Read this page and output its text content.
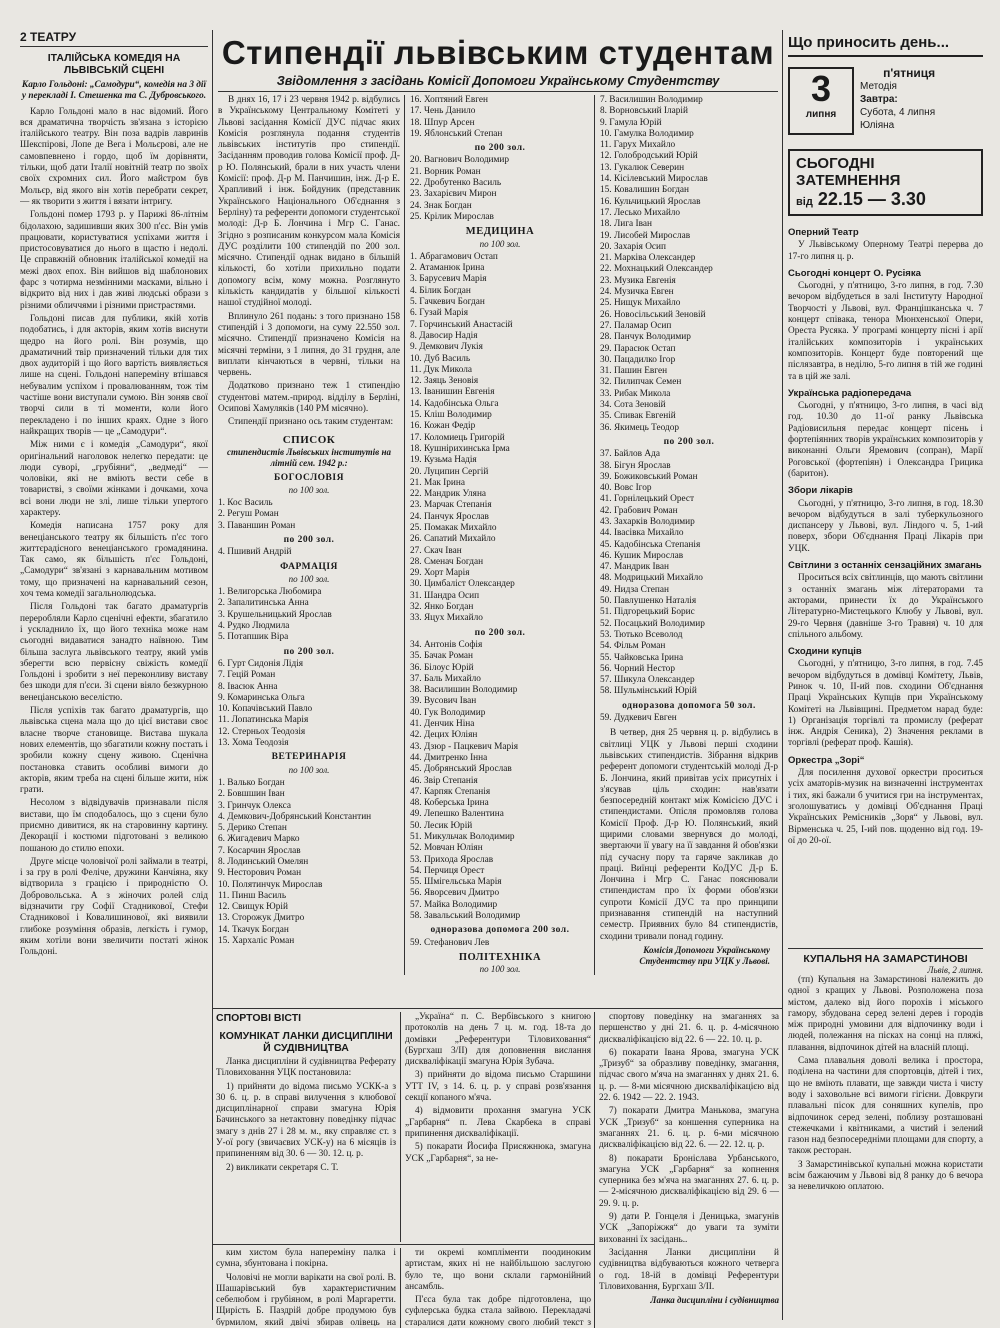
2 ТЕАТРУ
ІТАЛІЙСЬКА КОМЕДІЯ НА ЛЬВІВСЬКІЙ СЦЕНІ
Карло Гольдоні: „Самодури“, комедія на 3 дії у перекладі І. Стешенка та С. Дубровського.

Карло Гольдоні мало в нас відомий. Його вся драматична творчість зв'язана з історією італійського театру. Він поза вадрів лавринів Шекспірові, Лопе де Вега і Мольєрові, але не самовпевнено і гордо, щоб їм дорівняти, тільки, щоб дати Італії новітній театр по звоїх своїх схромних сил. Його майстром був Мольєр, від якого він хотів перебрати секрет, — як творити з життя і вязати інтригу.

Гольдоні помер 1793 р. у Парижі 86-літнім бідолахою, задишивши яких 300 п'єс. Він умів працювати, користуватися успіхами життя і пристосовуватися до нього в щастю і недолі. Це справжній обновник італійської комедії на межі двох епох. Він вийшов від шаблонових фарс з чотирма незмінними масками, вільно і відкрито від них і дав живі людські образи з різними обличчями і різними пристрастями.

Гольдоні писав для публики, якій хотів подобатись, і для акторів, яким хотів виснути щедро на його ролі. Він розумів, що драматичний твір призначений тільки для тих двох аудиторій і що його вартість виявляється лише на сцені. Гольдоні напереміну втішався небувалим успіхом і провалюванням, тож тім частіше вони виступали сумою. Він зоняв свої творчі сили в ті моменти, коли його перекладено і по інших краях. Одне з його найкращих творів — це „Самодури“.

Між ними є і комедія „Самодури“, якої оригінальний наголовок нелегко передати: це люди суворі, „грубіяни“, „ведмеді“ — чоловіки, які не вміють вести себе в товаристві, з своїми жінками і дочками, хоча всі вони люди не злі, лише тільки упертого характеру.

Комедія написана 1757 року для венеціанського театру як більшість п'єс того життєрадісного венеціанського громадянина. Так само, як більшість п'єс Гольдоні, „Самодури“ зв'язані з карнавальним мотивом тому, що призначені на карнавальний сезон, хоч тема комедії загальнолюдська.

Після Гольдоні так багато драматургів переробляли Карло сценічні ефекти, збагатило і ускладнило їх, що його техніка може нам сьогодні видаватися занадто наївною. Тим більша заслуга львівського театру, який умів зберегти всю первісну свіжість комедії Гольдоні і зробити з неї переконливу виставу без шкоди для п'єси. Зі сцени віяло безжурною венеціанською веселістю.

Після успіхів так багато драматургів, що львівська сцена мала що до цієї вистави своє власне творче становище. Вистава шукала нових елементів, що збагатили кожну постать і зробили кожну сцену живою. Сценічна постановка ставить особливі вимоги до акторів, яким треба на сцені більше жити, ніж грати.

Несолом з відвідувачів признавали після вистави, що їм сподобалось, що з сцени було приємно дивитися, як на старовинну картину. Декорації і костюми підготовані з великою пошаною до стилю епохи.

Друге місце чоловічої ролі займали в театрі, і за гру в ролі Феліче, дружини Канчіяна, яку відтворила з грацією і природністю О. Добровольська. А з жіночих ролей слід відзначити гру Софії Стадникової, Стефи Стадникової і Ковалишинової, які виявили глибоке розуміння образів, легкість і гумор, яким хотіли вони звеличити постаті жінок Гольдоні.

Стипендії львівським студентам
Звідомлення з засідань Комісії Допомоги Українському Студентству

В днях 16, 17 і 23 червня 1942 р. відбулись в Українському Центральному Комітеті у Львові засідання Комісії ДУС підчас яких Комісія розглянула подання студентів львівських інститутів про стипендії. Засіданням проводив голова Комісії проф. Д-р Ю. Полянський, брали в них участь члени Комісії: проф. Д-р М. Панчишин, інж. Д-р Е. Храпливий і інж. Бойдуник (представник Українського Національного Об'єднання з Берліну) та референти допомоги студентської молоді: Д-р Б. Лончина і Мгр С. Ганас. Згідно з розписаним конкурсом мала Комісія ДУС розділити 100 стипендій по 200 зол. місячно. Стипендії однак видано в більшій кількості, бо хотіли прихильно подати допомогу всім, кому можна. Розглянуто кількість кандидатів у більшої кількості нашої студійної молоді.

Вплинуло 261 подань: з того признано 158 стипендій і 3 допомоги, на суму 22.550 зол. місячно. Стипендії призначено Комісія на місячні терміни, з 1 липня, до 31 грудня, але виплати кінчаються в червні, тільки на червень.

Додатково признано теж 1 стипендію студентові матем.-природ. відділу в Берліні, Осипові Хамуляків (140 РМ місячно).

Стипендії признано ось таким студентам:

СПИСОК
стипендистів Львівських інститутів на літній сем. 1942 р.:
БОГОСЛОВІЯ
по 100 зол.
1. Кос Василь
2. Регуш Роман
3. Паваншин Роман
по 200 зол.
4. Пшивий Андрій
ФАРМАЦІЯ
по 100 зол.
1. Велигорська Любомира
2. Запалитинська Анна
3. Крушельницький Ярослав
4. Рудко Людмила
5. Потапшик Віра
по 200 зол.
6. Гурт Сидонія Лідія
7. Гецій Роман
8. Івасюк Анна
9. Комаринська Ольга
10. Копачівський Павло
11. Лопатинська Марія
12. Стерньох Теодозія
13. Хома Теодозія
ВЕТЕРИНАРІЯ
по 100 зол.
1. Валько Богдан
2. Бовшшин Іван
3. Гринчук Олекса
4. Демкович-Добрянський Константин
5. Дерико Степан
6. Жигадевич Марко
7. Косарчин Ярослав
8. Лодинський Омелян
9. Несторович Роман
10. Полятинчук Мирослав
11. Пинш Василь
12. Свищук Юрій
13. Сторожук Дмитро
14. Ткачук Богдан
15. Хархаліс Роман
16. Хоптяний Евген
17. Чень Данило
18. Шпур Арсен
19. Яблонський Степан
по 200 зол.
20. Вагнович Володимир
21. Ворник Роман
22. Дробутенко Василь
23. Захарієвич Мирон
24. Знак Богдан
25. Крілик Мирослав
МЕДИЦИНА
по 100 зол.
1. Абрагамович Остап
2. Атаманюк Ірина
3. Барусевич Марія
4. Білик Богдан
5. Гачкевич Богдан
6. Гузай Марія
7. Горчинський Анастасій
8. Давосир Надія
9. Демкович Лукія
10. Дуб Василь
11. Дук Микола
12. Заяць Зеновія
13. Іванишин Евгенія
14. Кадобінська Ольга
15. Кліш Володимир
16. Кожан Федір
17. Коломиець Григорій
18. Кушнірихинська Ірма
19. Кузьма Надія
20. Луципин Сергій
21. Мак Ірина
22. Мандрик Уляна
23. Марчак Степанія
24. Панчук Ярослав
25. Помакак Михайло
26. Сапатий Михайло
27. Скач Іван
28. Сменач Богдан
29. Хорт Марія
30. Цимбаліст Олександер
31. Шандра Осип
32. Янко Богдан
33. Яцух Михайло
по 200 зол.
34. Антонів Софія
35. Бачак Роман
36. Білоус Юрій
37. Баль Михайло
38. Василишин Володимир
39. Вусович Іван
40. Гук Володимир
41. Денчик Ніна
42. Децих Юліян
43. Дзюр - Пацкевич Марія
44. Дмитренко Інна
45. Добрянський Ярослав
46. Звір Степанія
47. Карпяк Степанія
48. Коберська Ірина
49. Лепешко Валентина
50. Лесик Юрій
51. Микульчак Володимир
52. Мовчан Юліян
53. Прихода Ярослав
54. Перчиця Орест
55. Шмігельська Марія
56. Яворсевич Дмитро
57. Майка Володимир
58. Завальський Володимир
одноразова допомога 200 зол.
59. Стефанович Лев
ПОЛІТЕХНІКА
по 100 зол.
7. Василишин Володимир
8. Ворновський Іларій
9. Гамула Юрій
10. Гамулка Володимир
11. Гарух Михайло
12. Голобродський Юрій
13. Гукалюк Северин
14. Кісілевський Мирослав
15. Ковалишин Богдан
16. Кульчицький Ярослав
17. Лесько Михайло
18. Лига Іван
19. Лисобей Мирослав
20. Захарія Осип
21. Марківа Олександер
22. Мохнацький Олександер
23. Музика Евгенія
24. Музичка Евген
25. Нищук Михайло
26. Новосільський Зеновій
27. Паламар Осип
28. Панчук Володимир
29. Парасюк Остап
30. Пацадилко Ігор
31. Пашин Евген
32. Пилипчак Семен
33. Рибак Микола
34. Сота Зеновій
35. Спивак Евгеній
36. Якимець Теодор
по 200 зол.
37. Байлов Ада
38. Бігун Ярослав
39. Божиковський Роман
40. Вовс Ігор
41. Горнілецький Орест
42. Грабович Роман
43. Захарків Володимир
44. Івасівка Михайло
45. Кадобінська Степанія
46. Кушик Мирослав
47. Мандрик Іван
48. Модрицький Михайло
49. Нидза Степан
50. Павлушенко Наталія
51. Підгорецький Борис
52. Посацький Володимир
53. Тютько Всеволод
54. Фільм Роман
55. Чайковська Ірина
56. Чорний Нестор
57. Шикула Олександер
58. Шульмінський Юрій
одноразова допомога 50 зол.
59. Дудкевич Евген

В четвер, дня 25 червня ц. р. відбулись в світлиці УЦК у Львові перші сходини львівських стипендистів. Зібрання відкрив референт допомоги студентській молоді Д-р Б. Лончина, який привітав усіх присутніх і з'ясував ціль сходин: нав'язати безпосередній контакт між Комісією ДУС і стипендистами. Опісля промовляв голова Комісії Проф. Д-р Ю. Полянський, який щирими словами звернувся до молоді, звертаючи її увагу на її завдання й обов'язки під сучасну пору та гаряче закликав до праці. Виїнці референти КоДУС Д-р Б. Лончина і Мгр С. Ганас пояснювали стипендистам про їх форми обов'язки супроти Комісії ДУС та про принципи признавання стипендій на наступний семестр. Приявних було 84 стипендистів, сходини тривали понад годину.

Комісія Допомоги Українському Студентству при УЦК у Львові.
Що приносить день...
3
липня
п'ятниця
Методія
Завтра:
Субота, 4 липня
Юліяна
СЬОГОДНІ ЗАТЕМНЕННЯ
від 22.15 — 3.30
Оперний Театр

У Львівському Оперному Театрі перерва до 17-го липня ц. р.

Сьогодні концерт О. Русіяка

Сьогодні, у п'ятницю, 3-го липня, в год. 7.30 вечором відбудеться в залі Інституту Народної Творчості у Львові, вул. Францішканська ч. 7 концерт співака, тенора Мюнхенської Опери, Ореста Русяка. У програмі концерту пісні і арії італійських композиторів і українських композиторів. Концерт буде повторений ще післязавтра, в неділю, 5-го липня в тій же годині та в цій же залі.

Українська радіопередача

Сьогодні, у п'ятницю, 3-го липня, в часі від год. 10.30 до 11-ої ранку Львівська Радіовисильня передає концерт пісень і фортепіянних творів українських композиторів у виконанні Ольги Яремович (сопран), Марії Роговської (фортепіян) і Олександра Грицика (баритон).

Збори лікарів

Сьогодні, у п'ятницю, 3-го липня, в год. 18.30 вечором відбудуться в залі туберкульозного диспансеру у Львові, вул. Ліндого ч. 5, 1-ий поверх, збори Об'єднання Праці Лікарів при УЦК.

Світлини з останніх сензаційних змагань

Проситься всіх світлинців, що мають світлини з останніх змагань між літераторами та акторами, принести їх до Українського Літературно-Мистецького Клюбу у Львові, вул. 29-го Червня (давніше 3-го Травня) ч. 10 для спільного альбому.

Сходини купців

Сьогодні, у п'ятницю, 3-го липня, в год. 7.45 вечором відбудуться в домівці Комітету, Львів, Ринок ч. 10, II-ий пов. сходини Об'єднання Праці Українських Купців при Українському Комітеті на Львівщині. Предметом нарад буде: 1) Організація торгівлі та промислу (реферат інж. Андрія Сеника), 2) Значення реклами в торгівлі (реферат проф. Кашія).

Оркестра „Зорі“

Для посилення духової оркестри проситься усіх аматорів-музик на визначенні інструментах і тих, які бажали б учитися гри на інструментах, зголошуватись у домівці Об'єднання Праці Українських Ремісників „Зоря“ у Львові, вул. Вірменська ч. 25, I-ий пов. щоденно від год. 19-ої до 20-ої.

КУПАЛЬНЯ НА ЗАМАРСТИНОВІ
Львів, 2 липня.

(тп) Купальня на Замарстинові належить до одної з кращих у Львові. Розположена поза містом, далеко від його порохів і міського гамору, збудована серед зелені дерев і городів між природні умовини для відпочинку води і людей, полежання на пісках на сонці на пляжі, плавання, відпочинок дітей на власній площі.

Сама плавальня доволі велика і простора, поділена на частини для спортовців, дітей і тих, що не вміють плавати, ще завжди чиста і чисту воду і заховольне всі вимоги гігієни. Довкруги плавальні пісок для соняшних купелів, про відпочинок серед зелені, поблизу розташовані стежечками і квітниками, а чистий і зелений газон над безпосередніми площами для спорту, а також ресторан.

З Замарстинівської купальні можна користати всім бажаючим у Львові від 8 ранку до 6 вечора за невеличкою оплатою.

СПОРТОВІ ВІСТІ
КОМУНІКАТ ЛАНКИ ДИСЦИПЛІНИ Й СУДІВНИЦТВА

Ланка дисципліни й судівництва Реферату Тіловиховання УЦК постановила:

1) прийняти до відома письмо УСКК-а з 30 6. ц. р. в справі вилучення з клюбової дисциплінарної справи змагуна Юрія Бачинського за нетактовну поведінку підчас змагу з днів 27 і 28 м. м., яку справляє ст. з У-ої рогу (звичаєвих УСК-у) на 6 місяців із припиненням від 30. 6 — 30. 12. ц. р.

2) викликати секретаря С. Т.

„Україна“ п. С. Вербівського з книгою протоколів на день 7 ц. м. год. 18-та до домівки „Референтури Тіловиховання“ (Бургхаш 3/II) для доповнення вислання дискваліфікації змагуна Юрія Зубача.

3) прийняти до відома письмо Старшини УТТ IV, з 14. 6. ц. р. у справі розв'язання секції копаного м'яча.

4) відмовити прохання змагуна УСК „Гарбарня“ п. Лева Скарбека в справі припинення дискваліфікації.

5) покарати Йосифа Присяжнюка, змагуна УСК „Гарбарня“, за не-

спортову поведінку на змаганнях за першенство у дні 21. 6. ц. р. 4-місячною дискваліфікацією від 22. 6 — 22. 10. ц. р.

6) покарати Івана Ярова, змагуна УСК „Тризуб“ за образливу поведінку, змагання, підчас свого м'яча на змаганнях у днях 21. 6. ц. р. — 8-ми місячною дискваліфікацією від 22. 6. 1942 — 22. 2. 1943.

7) покарати Дмитра Маньковa, змагуна УСК „Тризуб“ за коншення суперника на змаганнях 21. 6. ц. р. 6-ми місячною дискваліфікацією від 22. 6. — 22. 12. ц. р.

8) покарати Броніслава Урбанського, змагуна УСК „Гарбарня“ за копнення суперника без м'яча на змаганнях 27. 6. ц. р. — 2-місячною дискваліфікацією від 29. 6 — 29. 9. ц. р.

9) дати Р. Гонцеля і Деницька, змагунів УСК „Запоріжжя“ до уваги та зуміти вихованні їх засідань..

Засідання Ланки дисципліни й судівництва відбуваються кожного четверга о год. 18-ій в домівці Референтури Тіловиховання, Бургхаш 3/II.

Ланка дисципліни і судівництва

ким хистом була напереміну палка і сумна, збунтована і покірна.

Чоловічі не могли варікати на свої ролі. В. Шашарівський був характеристичним себелюбом і грубіяном, в ролі Маргаретти. Щирість Б. Паздрій добре продумою був бурмилом, який двічі збирав олівець на

ти окремі компліменти поодиноким артистам, яких ні не найбільшою заслугою було те, що вони склали гармонійний ансамбль.

П'єса була так добре підготовлена, що суфлерська будка стала зайвою. Перекладачі старалися дати кожному свого любий текст з
